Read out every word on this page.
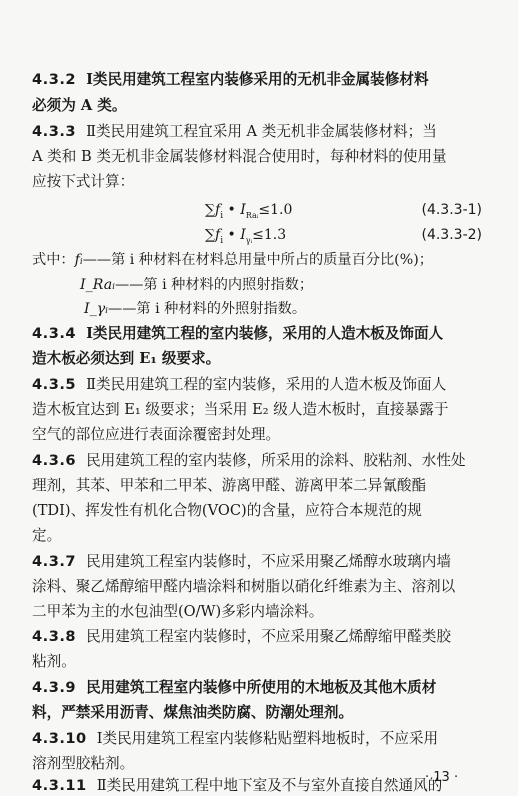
4.3.2 Ⅰ类民用建筑工程室内装修采用的无机非金属装修材料
必须为 A 类。
4.3.3 Ⅱ类民用建筑工程宜采用 A 类无机非金属装修材料；当
A 类和 B 类无机非金属装修材料混合使用时，每种材料的使用量
应按下式计算：
$\sum f_i$ • $I_{Raᵢ}\le 1.0$	(4.3.3-1)
$\sum f_i$ • $I_{\gamma ᵢ}\le 1.3$	(4.3.3-2)
式中：fᵢ——第 i 种材料在材料总用量中所占的质量百分比(%)；
I_Raᵢ——第 i 种材料的内照射指数；
I_γᵢ——第 i 种材料的外照射指数。
4.3.4 Ⅰ类民用建筑工程的室内装修，采用的人造木板及饰面人
造木板必须达到 E₁ 级要求。
4.3.5 Ⅱ类民用建筑工程的室内装修，采用的人造木板及饰面人
造木板宜达到 E₁ 级要求；当采用 E₂ 级人造木板时，直接暴露于
空气的部位应进行表面涂覆密封处理。
4.3.6 民用建筑工程的室内装修，所采用的涂料、胶粘剂、水性处
理剂，其苯、甲苯和二甲苯、游离甲醛、游离甲苯二异氰酸酯
(TDI)、挥发性有机化合物(VOC)的含量，应符合本规范的规
定。
4.3.7 民用建筑工程室内装修时，不应采用聚乙烯醇水玻璃内墙
涂料、聚乙烯醇缩甲醛内墙涂料和树脂以硝化纤维素为主、溶剂以
二甲苯为主的水包油型(O/W)多彩内墙涂料。
4.3.8 民用建筑工程室内装修时，不应采用聚乙烯醇缩甲醛类胶
粘剂。
4.3.9 民用建筑工程室内装修中所使用的木地板及其他木质材
料，严禁采用沥青、煤焦油类防腐、防潮处理剂。
4.3.10 Ⅰ类民用建筑工程室内装修粘贴塑料地板时，不应采用
溶剂型胶粘剂。
4.3.11 Ⅱ类民用建筑工程中地下室及不与室外直接自然通风的
· 13 ·
